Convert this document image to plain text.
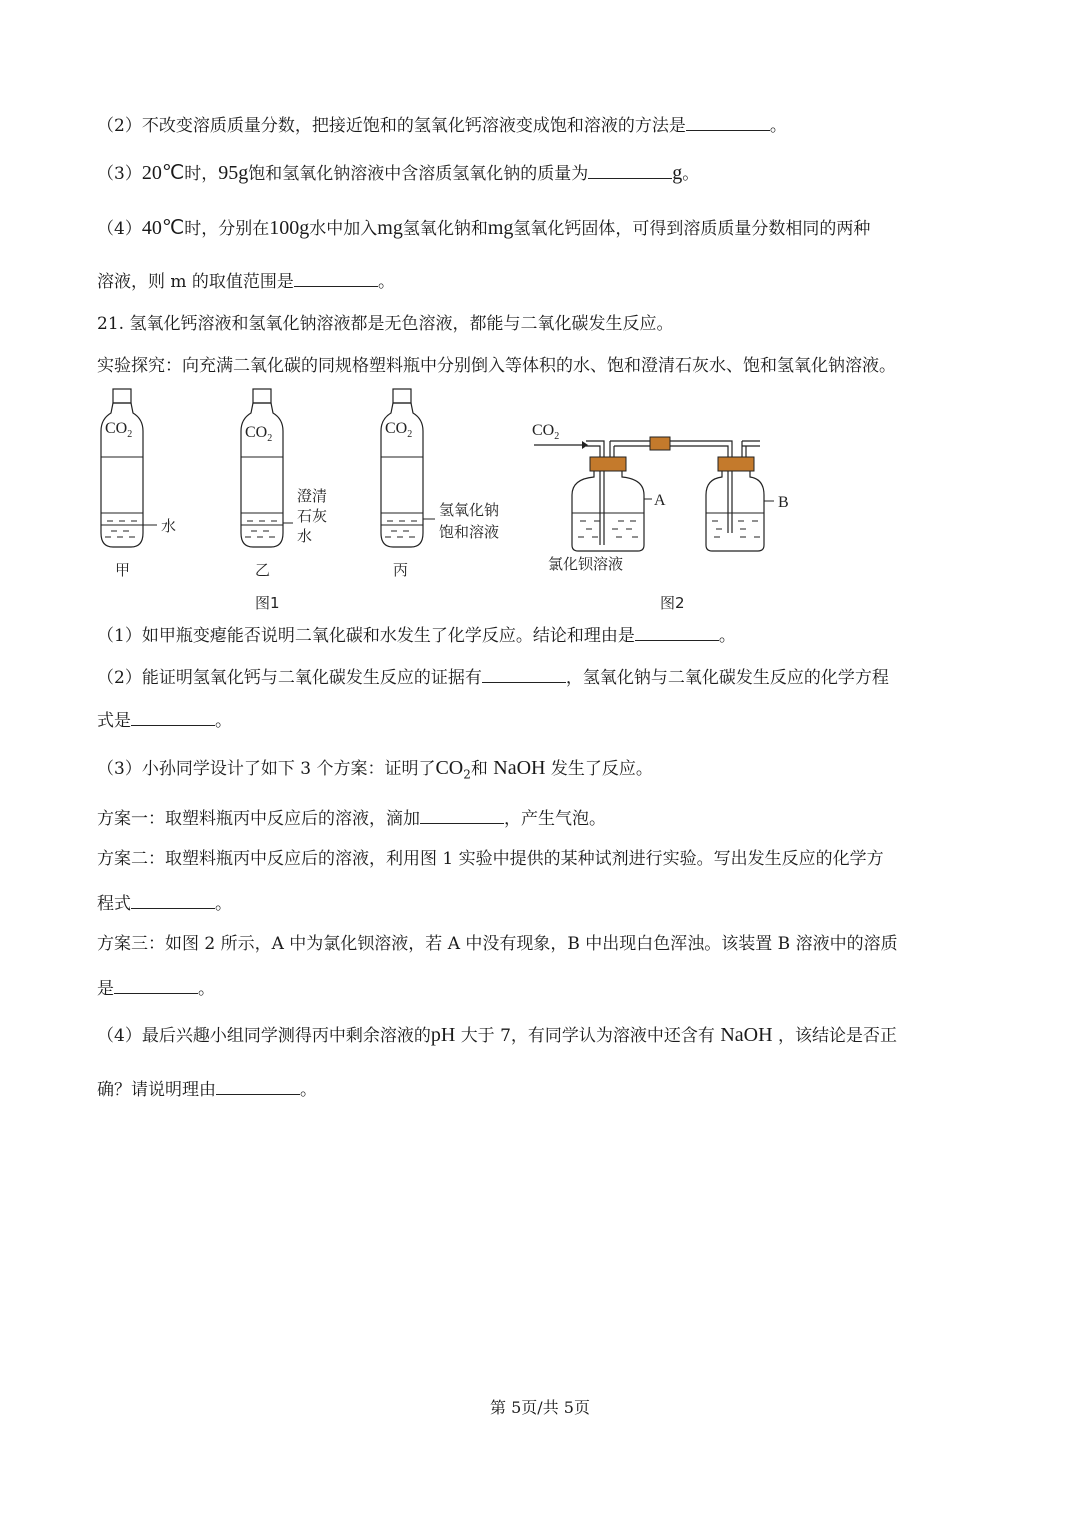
（2）不改变溶质质量分数，把接近饱和的氢氧化钙溶液变成饱和溶液的方法是	。
（3）20℃时，95g饱和氢氧化钠溶液中含溶质氢氧化钠的质量为	g。
（4）40℃时，分别在100g水中加入mg氢氧化钠和mg氢氧化钙固体，可得到溶质质量分数相同的两种
溶液，则 m 的取值范围是	。
21. 氢氧化钙溶液和氢氧化钠溶液都是无色溶液，都能与二氧化碳发生反应。
实验探究：向充满二氧化碳的同规格塑料瓶中分别倒入等体积的水、饱和澄清石灰水、饱和氢氧化钠溶液。
$CO_2$
水
甲
$CO_2$
澄清
石灰
水
乙
$CO_2$
氢氧化钠
饱和溶液
丙
图1
$CO_2$
A	B
氯化钡溶液
图2
（1）如甲瓶变瘪能否说明二氧化碳和水发生了化学反应。结论和理由是	。
（2）能证明氢氧化钙与二氧化碳发生反应的证据有	，氢氧化钠与二氧化碳发生反应的化学方程
式是	。
（3）小孙同学设计了如下 3 个方案：证明了$CO_2$和 NaOH 发生了反应。
方案一：取塑料瓶丙中反应后的溶液，滴加	，产生气泡。
方案二：取塑料瓶丙中反应后的溶液，利用图 1 实验中提供的某种试剂进行实验。写出发生反应的化学方
程式	。
方案三：如图 2 所示，A 中为氯化钡溶液，若 A 中没有现象，B 中出现白色浑浊。该装置 B 溶液中的溶质
是	。
（4）最后兴趣小组同学测得丙中剩余溶液的pH 大于 7，有同学认为溶液中还含有 NaOH ，该结论是否正
确？请说明理由	。
第 5页/共 5页
